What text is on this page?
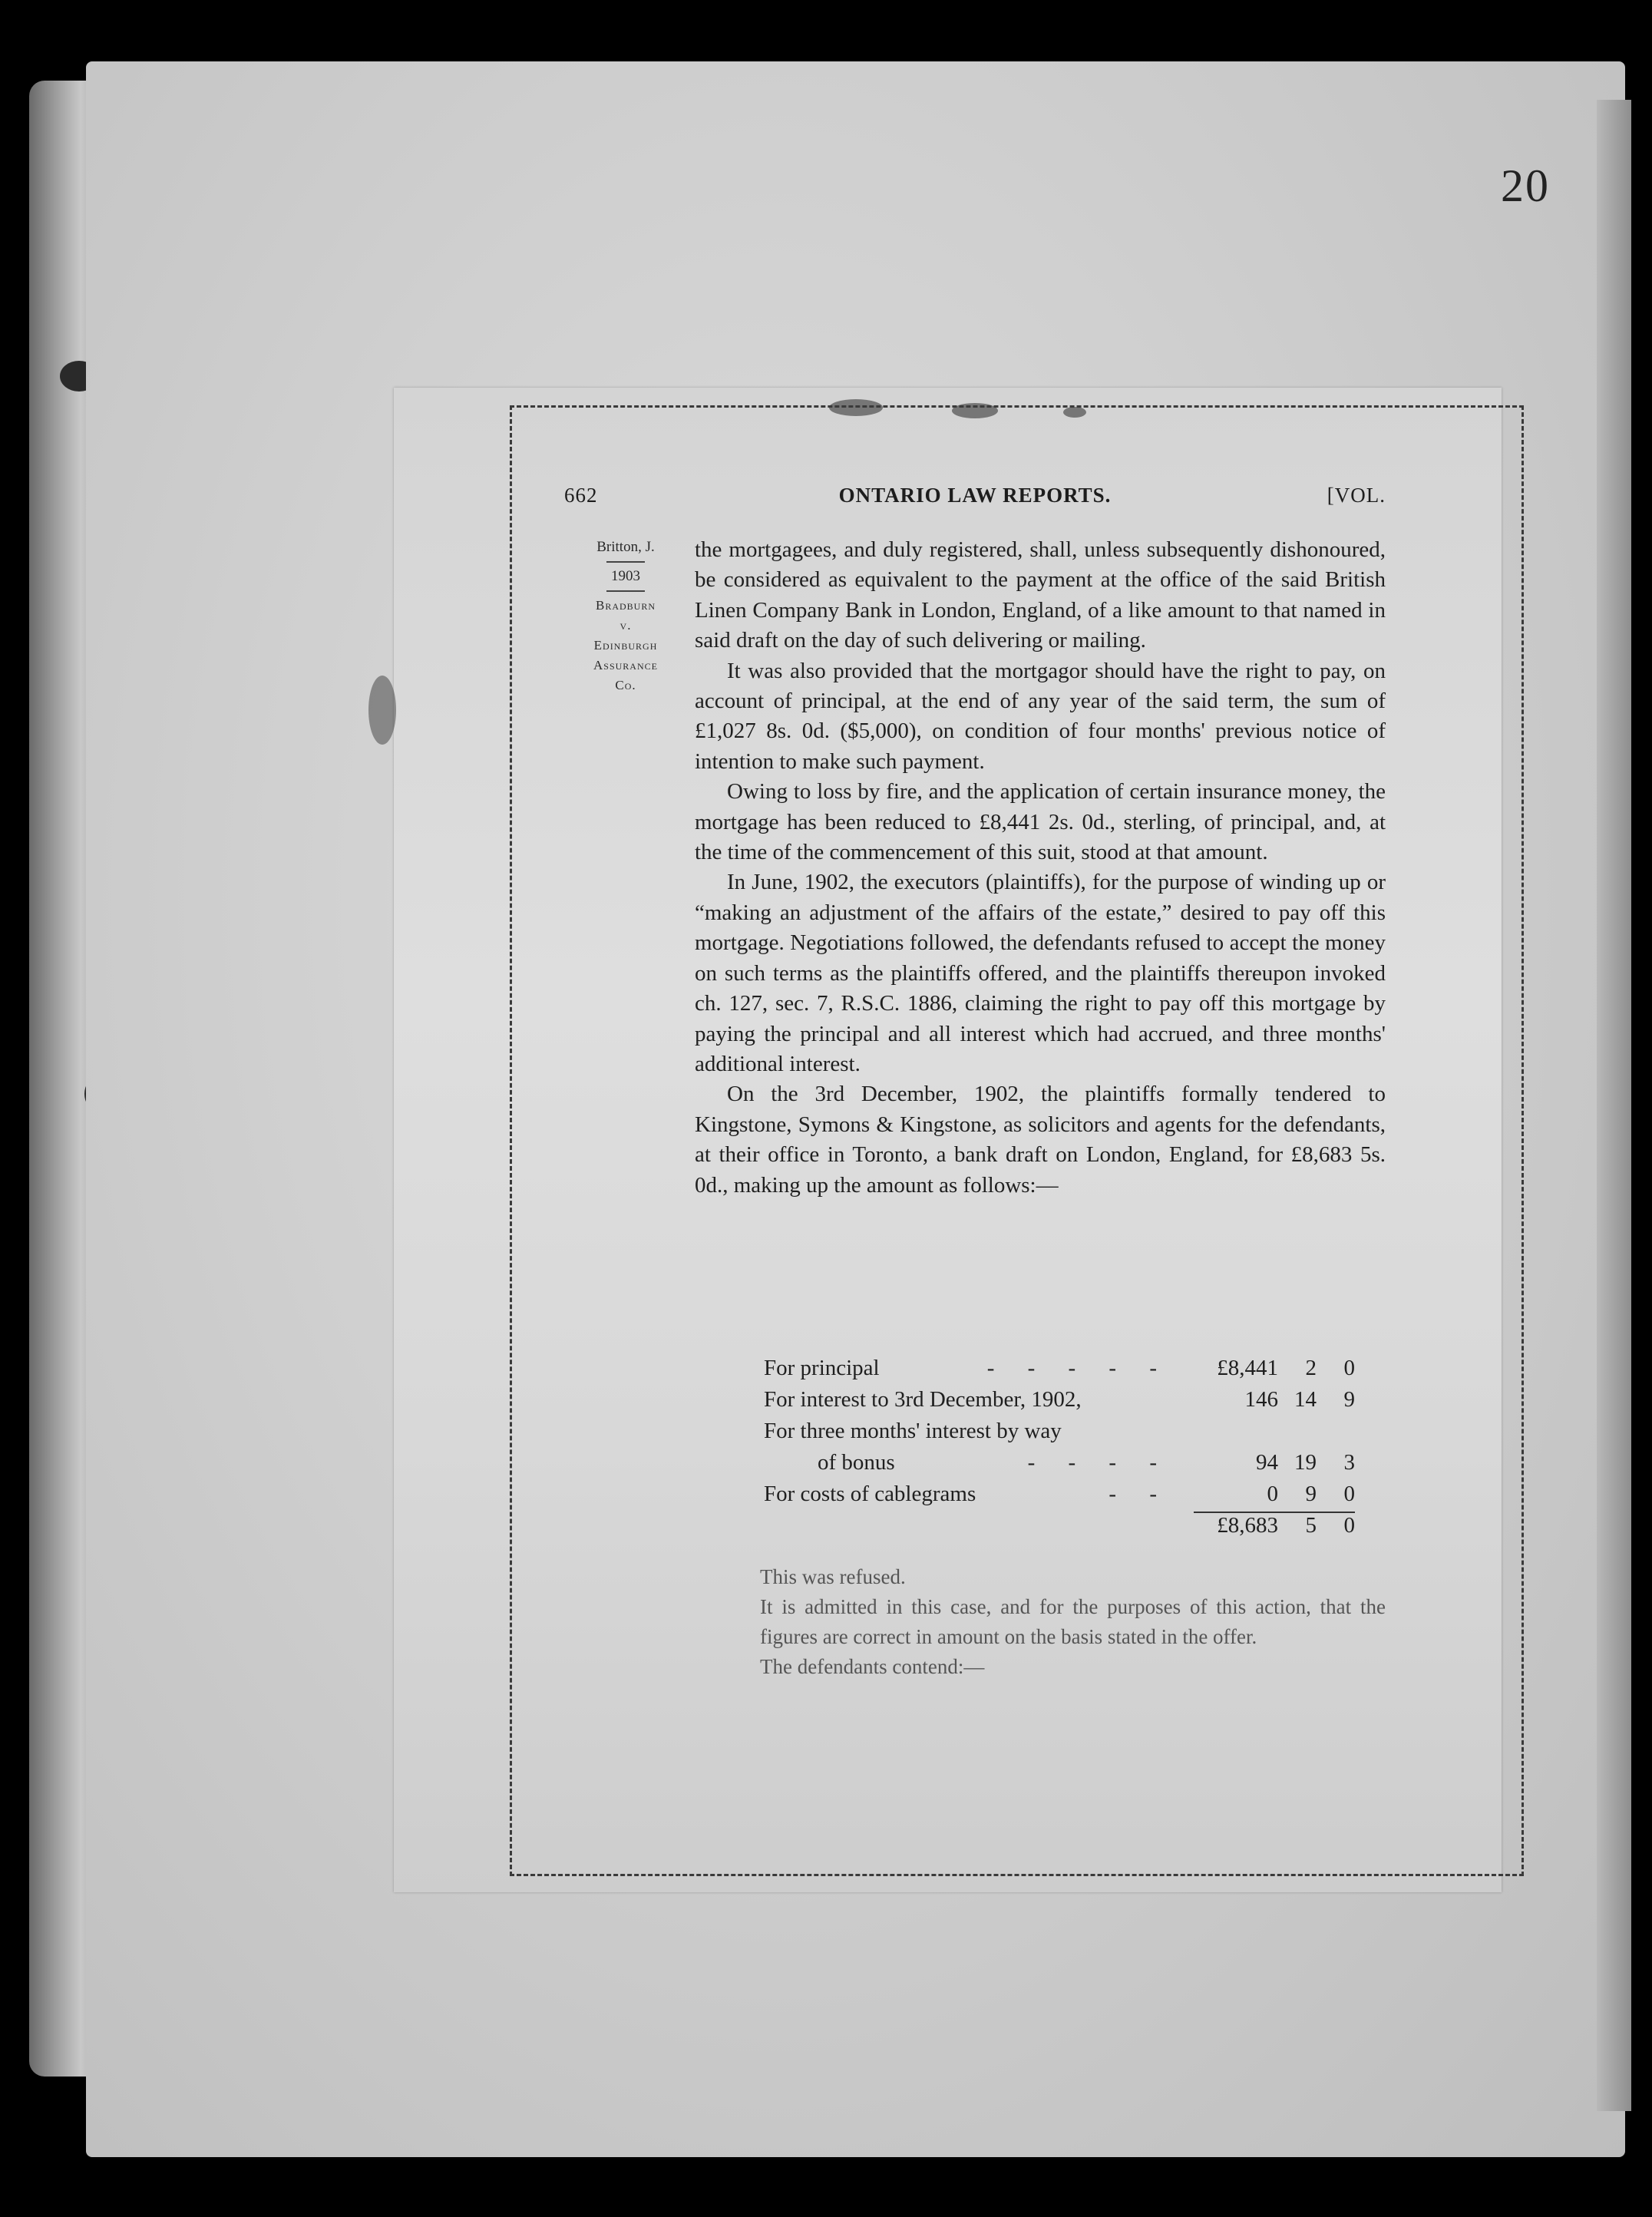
20
662	ONTARIO LAW REPORTS.	[VOL.
Britton, J.
1903
Bradburn
v.
Edinburgh
Assurance
Co.

the mortgagees, and duly registered, shall, unless subsequently dishonoured, be considered as equivalent to the payment at the office of the said British Linen Company Bank in London, England, of a like amount to that named in said draft on the day of such delivering or mailing.

It was also provided that the mortgagor should have the right to pay, on account of principal, at the end of any year of the said term, the sum of £1,027 8s. 0d. ($5,000), on condition of four months' previous notice of intention to make such payment.

Owing to loss by fire, and the application of certain insurance money, the mortgage has been reduced to £8,441 2s. 0d., sterling, of principal, and, at the time of the commencement of this suit, stood at that amount.

In June, 1902, the executors (plaintiffs), for the purpose of winding up or “making an adjustment of the affairs of the estate,” desired to pay off this mortgage. Negotiations followed, the defendants refused to accept the money on such terms as the plaintiffs offered, and the plaintiffs thereupon invoked ch. 127, sec. 7, R.S.C. 1886, claiming the right to pay off this mortgage by paying the principal and all interest which had accrued, and three months' additional interest.

On the 3rd December, 1902, the plaintiffs formally tendered to Kingstone, Symons & Kingstone, as solicitors and agents for the defendants, at their office in Toronto, a bank draft on London, England, for £8,683 5s. 0d., making up the amount as follows:—

For principal	- - - - -	£8,441	2	0
For interest to 3rd December, 1902,	146 14	9
For three months' interest by way
of bonus	- - - -	94 19	3
For costs of cablegrams	- -	0	9	0
£8,683	5	0

This was refused.

It is admitted in this case, and for the purposes of this action, that the figures are correct in amount on the basis stated in the offer.

The defendants contend:—
